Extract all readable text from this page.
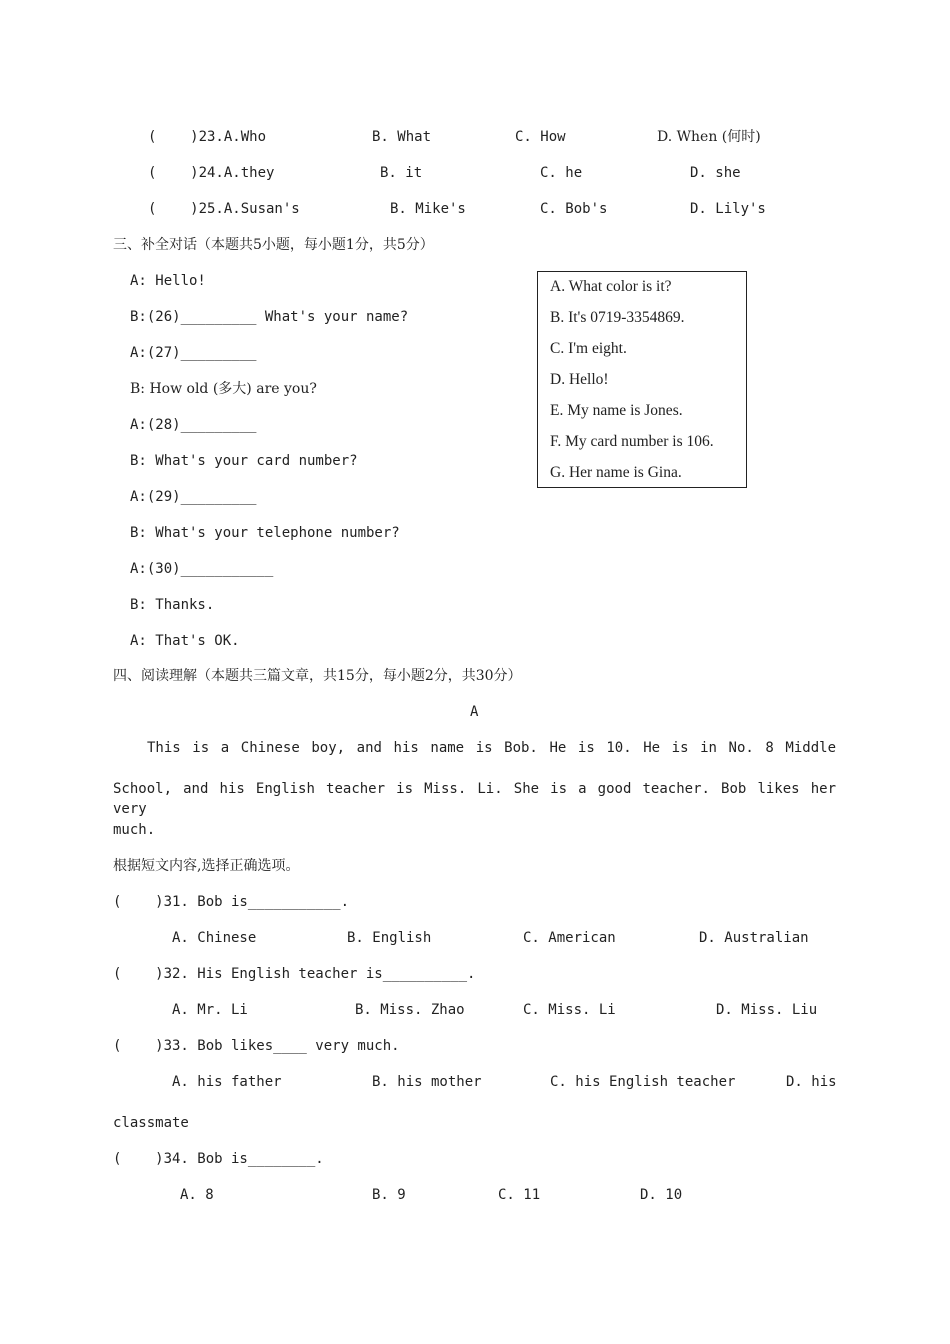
(    )23.A.Who	B. What	C. How	D. When (何时)
(    )24.A.they	B. it	C. he	D. she
(    )25.A.Susan's	B. Mike's	C. Bob's	D. Lily's
三、补全对话（本题共5小题，每小题1分，共5分）
A: Hello!
B:(26)_________ What's your name?
A:(27)_________
B: How old (多大) are you?
A:(28)_________
B: What's your card number?
A:(29)_________
B: What's your telephone number?
A:(30)___________
B: Thanks.
A: That's OK.
A. What color is it?
B. It's 0719-3354869.
C. I'm eight.
D. Hello!
E. My name is Jones.
F. My card number is 106.
G. Her name is Gina.
四、阅读理解（本题共三篇文章，共15分，每小题2分，共30分）
A
This is a Chinese boy, and his name is Bob. He is 10. He is in No. 8 Middle
School, and his English teacher is Miss. Li. She is a good teacher. Bob likes her very
much.
根据短文内容,选择正确选项。
(    )31. Bob is___________.
A. Chinese	B. English	C. American	D. Australian
(    )32. His English teacher is__________.
A. Mr. Li	B. Miss. Zhao	C. Miss. Li	D. Miss. Liu
(    )33. Bob likes____ very much.
A. his father	B. his mother	C. his English teacher	D. his
classmate
(    )34. Bob is________.
A. 8	B. 9	C. 11	D. 10
